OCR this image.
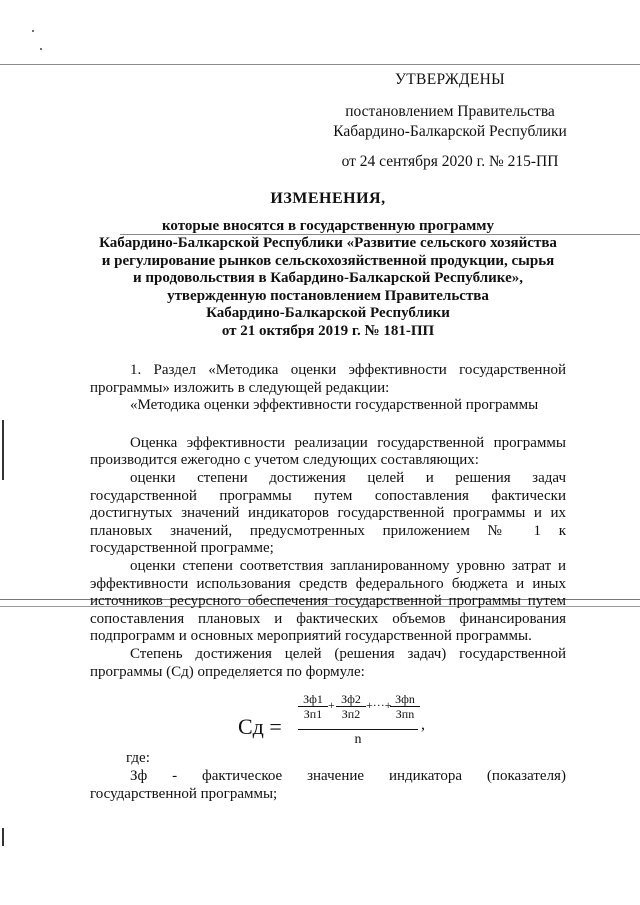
УТВЕРЖДЕНЫ
постановлением Правительства
Кабардино-Балкарской Республики
от 24 сентября 2020 г. № 215-ПП
ИЗМЕНЕНИЯ,
которые вносятся в государственную программу
Кабардино-Балкарской Республики «Развитие сельского хозяйства
и регулирование рынков сельскохозяйственной продукции, сырья
и продовольствия в Кабардино-Балкарской Республике»,
утвержденную постановлением Правительства
Кабардино-Балкарской Республики
от 21 октября 2019 г. № 181-ПП
1. Раздел «Методика оценки эффективности государственной программы» изложить в следующей редакции:
«Методика оценки эффективности государственной программы
Оценка эффективности реализации государственной программы производится ежегодно с учетом следующих составляющих:
оценки степени достижения целей и решения задач государственной программы путем сопоставления фактически достигнутых значений индикаторов государственной программы и их плановых значений, предусмотренных приложением № 1 к государственной программе;
оценки степени соответствия запланированному уровню затрат и эффективности использования средств федерального бюджета и иных источников ресурсного обеспечения государственной программы путем сопоставления плановых и фактических объемов финансирования подпрограмм и основных мероприятий государственной программы.
Степень достижения целей (решения задач) государственной программы (Сд) определяется по формуле:
Сд =
Зф1
Зп1
+ Зф2
Зп2
+···+ Зфn
Зпn
n
,
где:
Зф - фактическое значение индикатора (показателя)
государственной программы;
